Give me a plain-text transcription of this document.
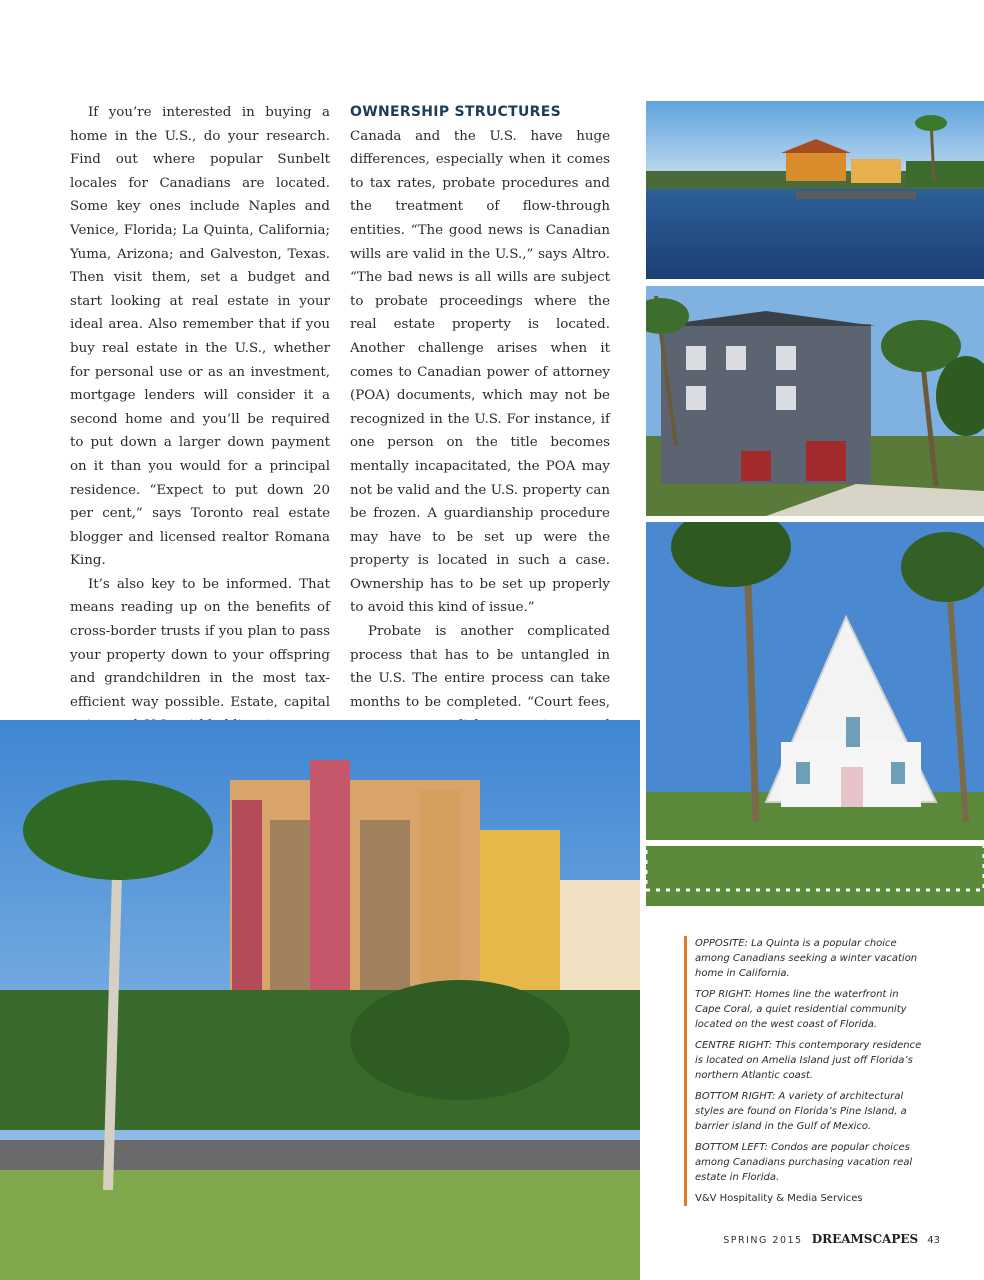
If you’re interested in buying a home in the U.S., do your research. Find out where popular Sunbelt locales for Canadians are located. Some key ones include Naples and Venice, Florida; La Quinta, California; Yuma, Arizona; and Galveston, Texas. Then visit them, set a budget and start looking at real estate in your ideal area. Also remember that if you buy real estate in the U.S., whether for personal use or as an investment, mortgage lenders will consider it a second home and you’ll be required to put down a larger down payment on it than you would for a principal residence. “Expect to put down 20 per cent,” says Toronto real estate blogger and licensed realtor Romana King.

It’s also key to be informed. That means reading up on the benefits of cross-border trusts if you plan to pass your property down to your offspring and grandchildren in the most tax-efficient way possible. Estate, capital

OWNERSHIP STRUCTURES

Canada and the U.S. have huge differences, especially when it comes to tax rates, probate procedures and the treatment of flow-through entities. “The good news is Canadian wills are valid in the U.S.,” says Altro. “The bad news is all wills are subject to probate proceedings where the real estate property is located. Another challenge arises when it comes to Canadian power of attorney (POA) documents, which may not be recognized in the U.S. For instance, if one person on the title becomes mentally incapacitated, the POA may not be valid and the U.S. property can be frozen. A guardianship procedure may have to be set up were the property is located in such a case. Ownership has to be set up properly to avoid this kind of issue.”

Probate is another complicated process that has to be untangled in the U.S. The entire process can take months to be completed. “Court fees,

OPPOSITE: La Quinta is a popular choice among Canadians seeking a winter vacation home in California.

TOP RIGHT: Homes line the waterfront in Cape Coral, a quiet residential community located on the west coast of Florida.

CENTRE RIGHT: This contemporary residence is located on Amelia Island just off Florida’s northern Atlantic coast.

BOTTOM RIGHT: A variety of architectural styles are found on Florida’s Pine Island, a barrier island in the Gulf of Mexico.

BOTTOM LEFT: Condos are popular choices among Canadians purchasing vacation real estate in Florida.

V&V Hospitality & Media Services

SPRING 2015 DREAMSCAPES 43
